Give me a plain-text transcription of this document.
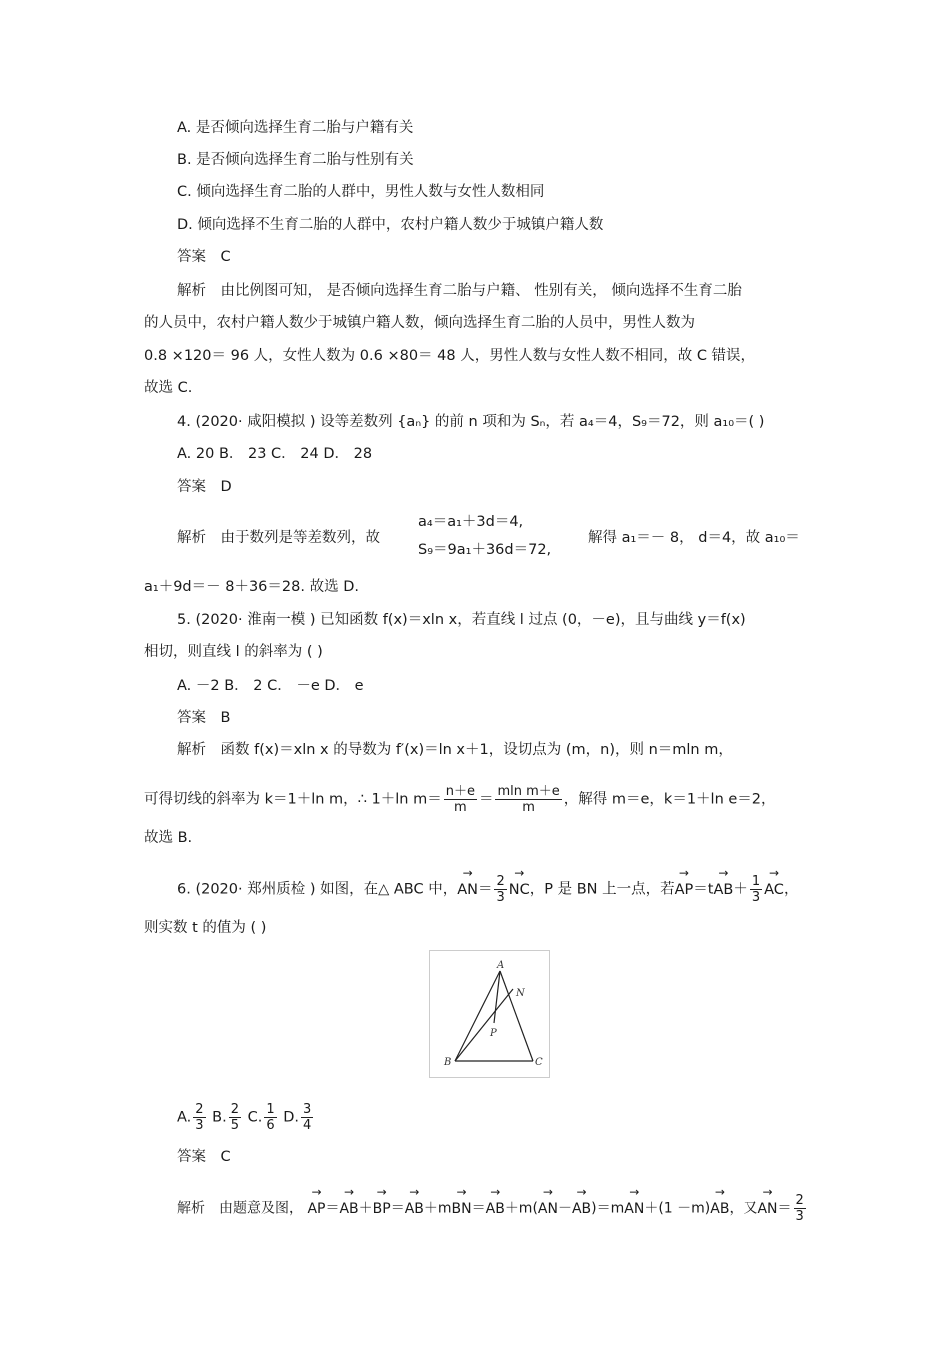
A. 是否倾向选择生育二胎与户籍有关
B. 是否倾向选择生育二胎与性别有关
C. 倾向选择生育二胎的人群中，男性人数与女性人数相同
D. 倾向选择不生育二胎的人群中，农村户籍人数少于城镇户籍人数
答案　C
解析　由比例图可知， 是否倾向选择生育二胎与户籍、 性别有关， 倾向选择不生育二胎
的人员中，农村户籍人数少于城镇户籍人数，倾向选择生育二胎的人员中，男性人数为
0.8 ×120＝ 96 人，女性人数为 0.6 ×80＝ 48 人，男性人数与女性人数不相同，故 C 错误，
故选 C.
4. (2020· 咸阳模拟 ) 设等差数列 {aₙ} 的前 n 项和为 Sₙ，若 a₄＝4，S₉＝72，则 a₁₀＝( )
A. 20 B． 23 C． 24 D． 28
答案　D
解析　由于数列是等差数列，故
a₄＝a₁＋3d＝4,
S₉＝9a₁＋36d＝72,
解得 a₁＝－ 8， d＝4，故 a₁₀＝
a₁＋9d＝－ 8＋36＝28. 故选 D.
5. (2020· 淮南一模 ) 已知函数 f(x)＝xln x，若直线 l 过点 (0，－e)，且与曲线 y＝f(x)
相切，则直线 l 的斜率为 ( )
A. －2 B． 2 C． －e D． e
答案　B
解析　函数 f(x)＝xln x 的导数为 f′(x)＝ln x＋1，设切点为 (m，n)，则 n＝mln m，
可得切线的斜率为 k＝1＋ln m，∴ 1＋ln $m= \frac{n+e}{m} = \frac{\text{mln m＋e}}{m}$ ，解得 m＝e，k＝1＋ln e＝2，
故选 B.
6. (2020· 郑州质检 ) 如图，在△ ABC 中，→ $AN= \frac{2}{3}$ → NC，P 是 BN 上一点，若→ $AP=t\to AB+ \frac{1}{3}$ → AC，
则实数 t 的值为 ( )
A
N
P
B	C
A. $\frac{2}{3} B$. $\frac{2}{5} C$. $\frac{1}{6} D$. $\frac{3}{4}$
答案　C
解析　由题意及图， → AP＝→ AB＋→ BP＝→ AB＋m→ BN＝→ AB＋m(→ AN－→ AB)＝m→ AN＋(1 －m)→ AB，又→ $AN= \frac{2}{3}$
